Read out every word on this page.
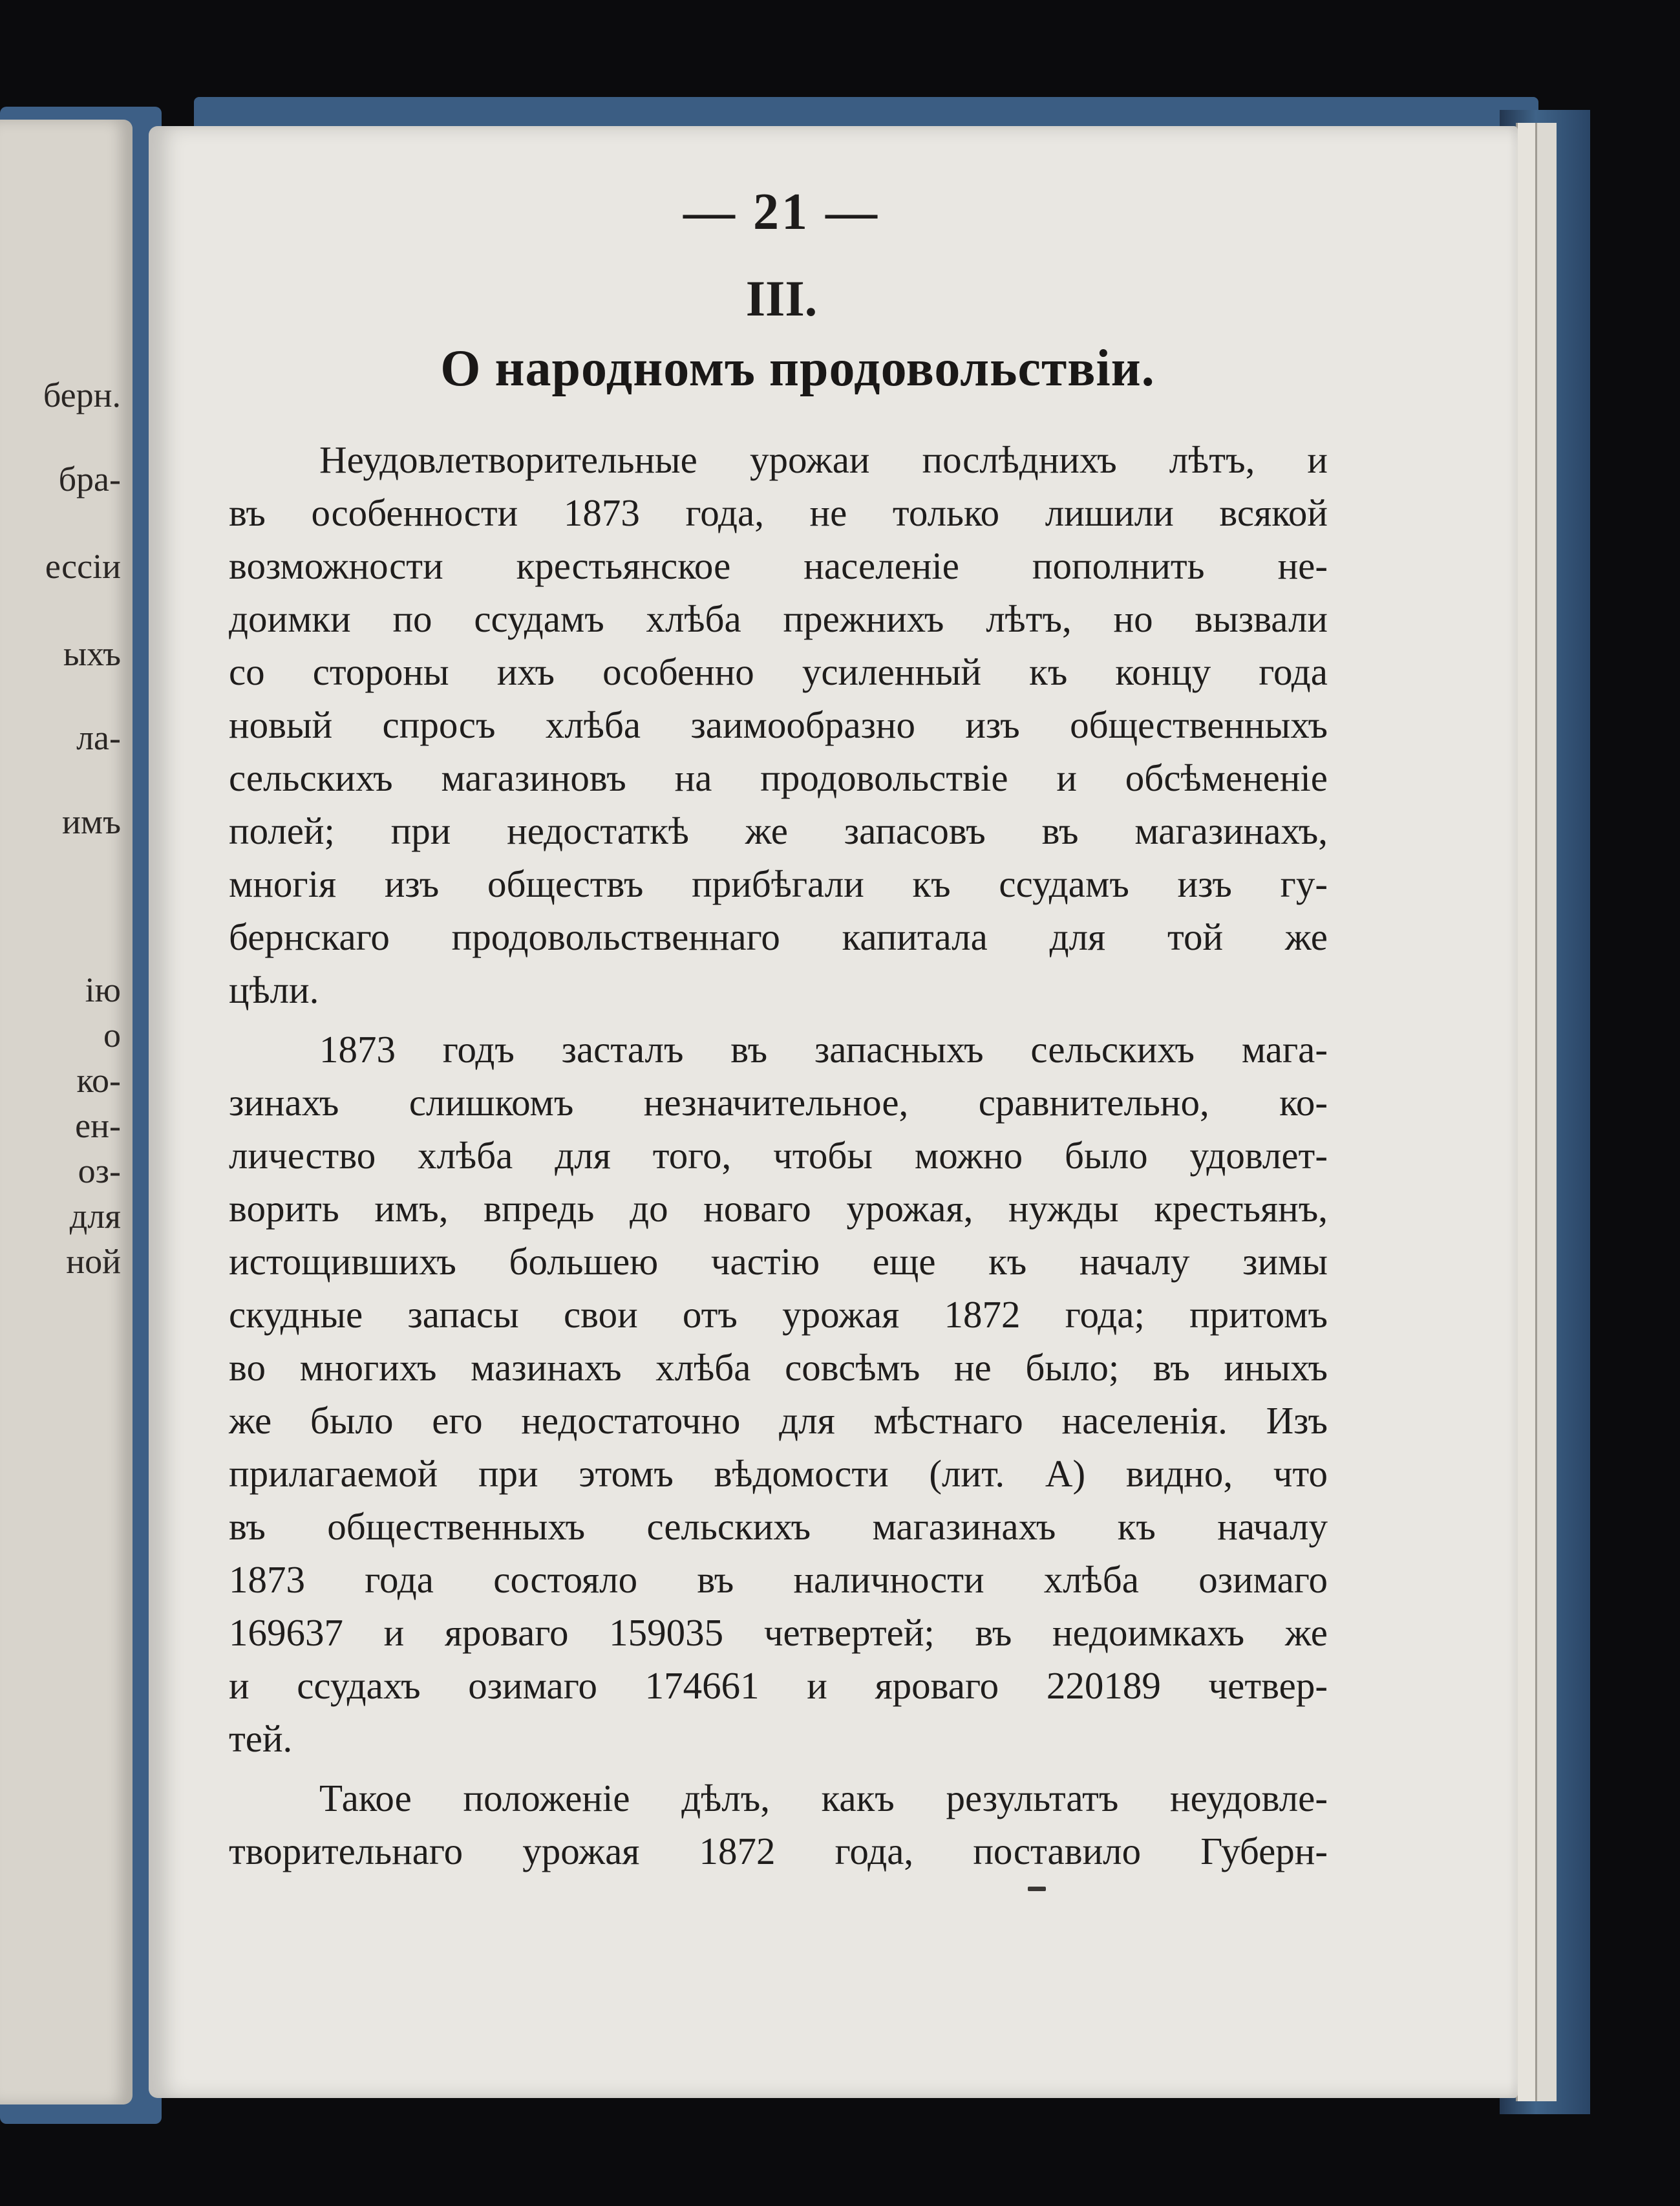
берн.
бра-
ессіи
ыхъ
ла-
имъ
ію
о
ко-
ен-
оз-
для
ной
— 21 —
III.
О народномъ продовольствіи.
Неудовлетворительные урожаи послѣднихъ лѣтъ, и
въ особенности 1873 года, не только лишили всякой
возможности крестьянское населеніе пополнить не-
доимки по ссудамъ хлѣба прежнихъ лѣтъ, но вызвали
со стороны ихъ особенно усиленный къ концу года
новый спросъ хлѣба заимообразно изъ общественныхъ
сельскихъ магазиновъ на продовольствіе и обсѣмененіе
полей; при недостаткѣ же запасовъ въ магазинахъ,
многія изъ обществъ прибѣгали къ ссудамъ изъ гу-
бернскаго продовольственнаго капитала для той же
цѣли.
1873 годъ засталъ въ запасныхъ сельскихъ мага-
зинахъ слишкомъ незначительное, сравнительно, ко-
личество хлѣба для того, чтобы можно было удовлет-
ворить имъ, впредь до новаго урожая, нужды крестьянъ,
истощившихъ большею частію еще къ началу зимы
скудные запасы свои отъ урожая 1872 года; притомъ
во многихъ мазинахъ хлѣба совсѣмъ не было; въ иныхъ
же было его недостаточно для мѣстнаго населенія. Изъ
прилагаемой при этомъ вѣдомости (лит. А) видно, что
въ общественныхъ сельскихъ магазинахъ къ началу
1873 года состояло въ наличности хлѣба озимаго
169637 и яроваго 159035 четвертей; въ недоимкахъ же
и ссудахъ озимаго 174661 и яроваго 220189 четвер-
тей.
Такое положеніе дѣлъ, какъ результатъ неудовле-
творительнаго урожая 1872 года, поставило Губерн-
